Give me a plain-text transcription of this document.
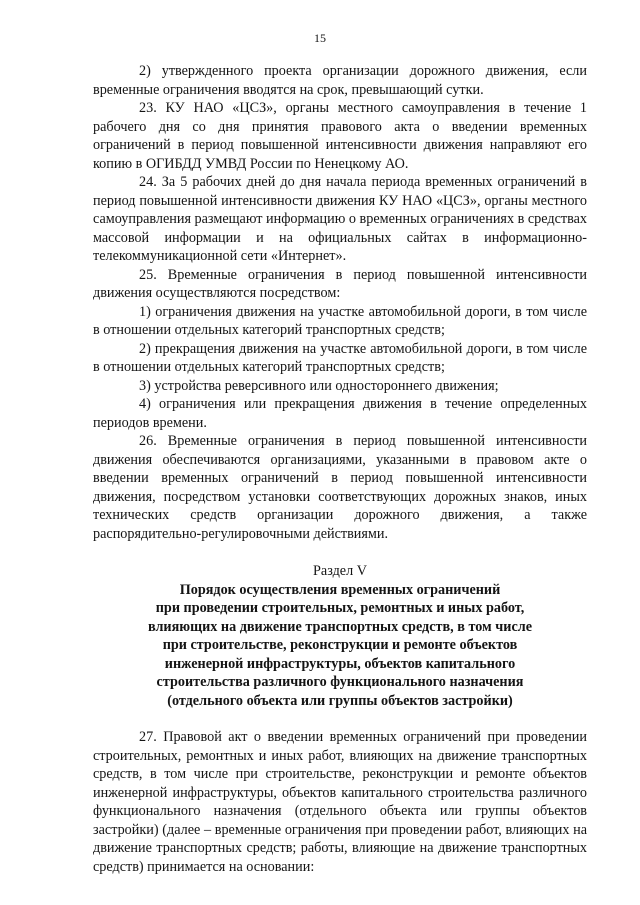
15

2) утвержденного проекта организации дорожного движения, если временные ограничения вводятся на срок, превышающий сутки.

23. КУ НАО «ЦСЗ», органы местного самоуправления в течение 1 рабочего дня со дня принятия правового акта о введении временных ограничений в период повышенной интенсивности движения направляют его копию в ОГИБДД УМВД России по Ненецкому АО.

24. За 5 рабочих дней до дня начала периода временных ограничений в период повышенной интенсивности движения КУ НАО «ЦСЗ», органы местного самоуправления размещают информацию о временных ограничениях в средствах массовой информации и на официальных сайтах в информационно-телекоммуникационной сети «Интернет».

25. Временные ограничения в период повышенной интенсивности движения осуществляются посредством:

1) ограничения движения на участке автомобильной дороги, в том числе в отношении отдельных категорий транспортных средств;

2) прекращения движения на участке автомобильной дороги, в том числе в отношении отдельных категорий транспортных средств;

3) устройства реверсивного или одностороннего движения;

4) ограничения или прекращения движения в течение определенных периодов времени.

26. Временные ограничения в период повышенной интенсивности движения обеспечиваются организациями, указанными в правовом акте о введении временных ограничений в период повышенной интенсивности движения, посредством установки соответствующих дорожных знаков, иных технических средств организации дорожного движения, а также распорядительно-регулировочными действиями.

Раздел V
Порядок осуществления временных ограничений
при проведении строительных, ремонтных и иных работ,
влияющих на движение транспортных средств, в том числе
при строительстве, реконструкции и ремонте объектов
инженерной инфраструктуры, объектов капитального
строительства различного функционального назначения
(отдельного объекта или группы объектов застройки)

27. Правовой акт о введении временных ограничений при проведении строительных, ремонтных и иных работ, влияющих на движение транспортных средств, в том числе при строительстве, реконструкции и ремонте объектов инженерной инфраструктуры, объектов капитального строительства различного функционального назначения (отдельного объекта или группы объектов застройки) (далее – временные ограничения при проведении работ, влияющих на движение транспортных средств; работы, влияющие на движение транспортных средств) принимается на основании:
